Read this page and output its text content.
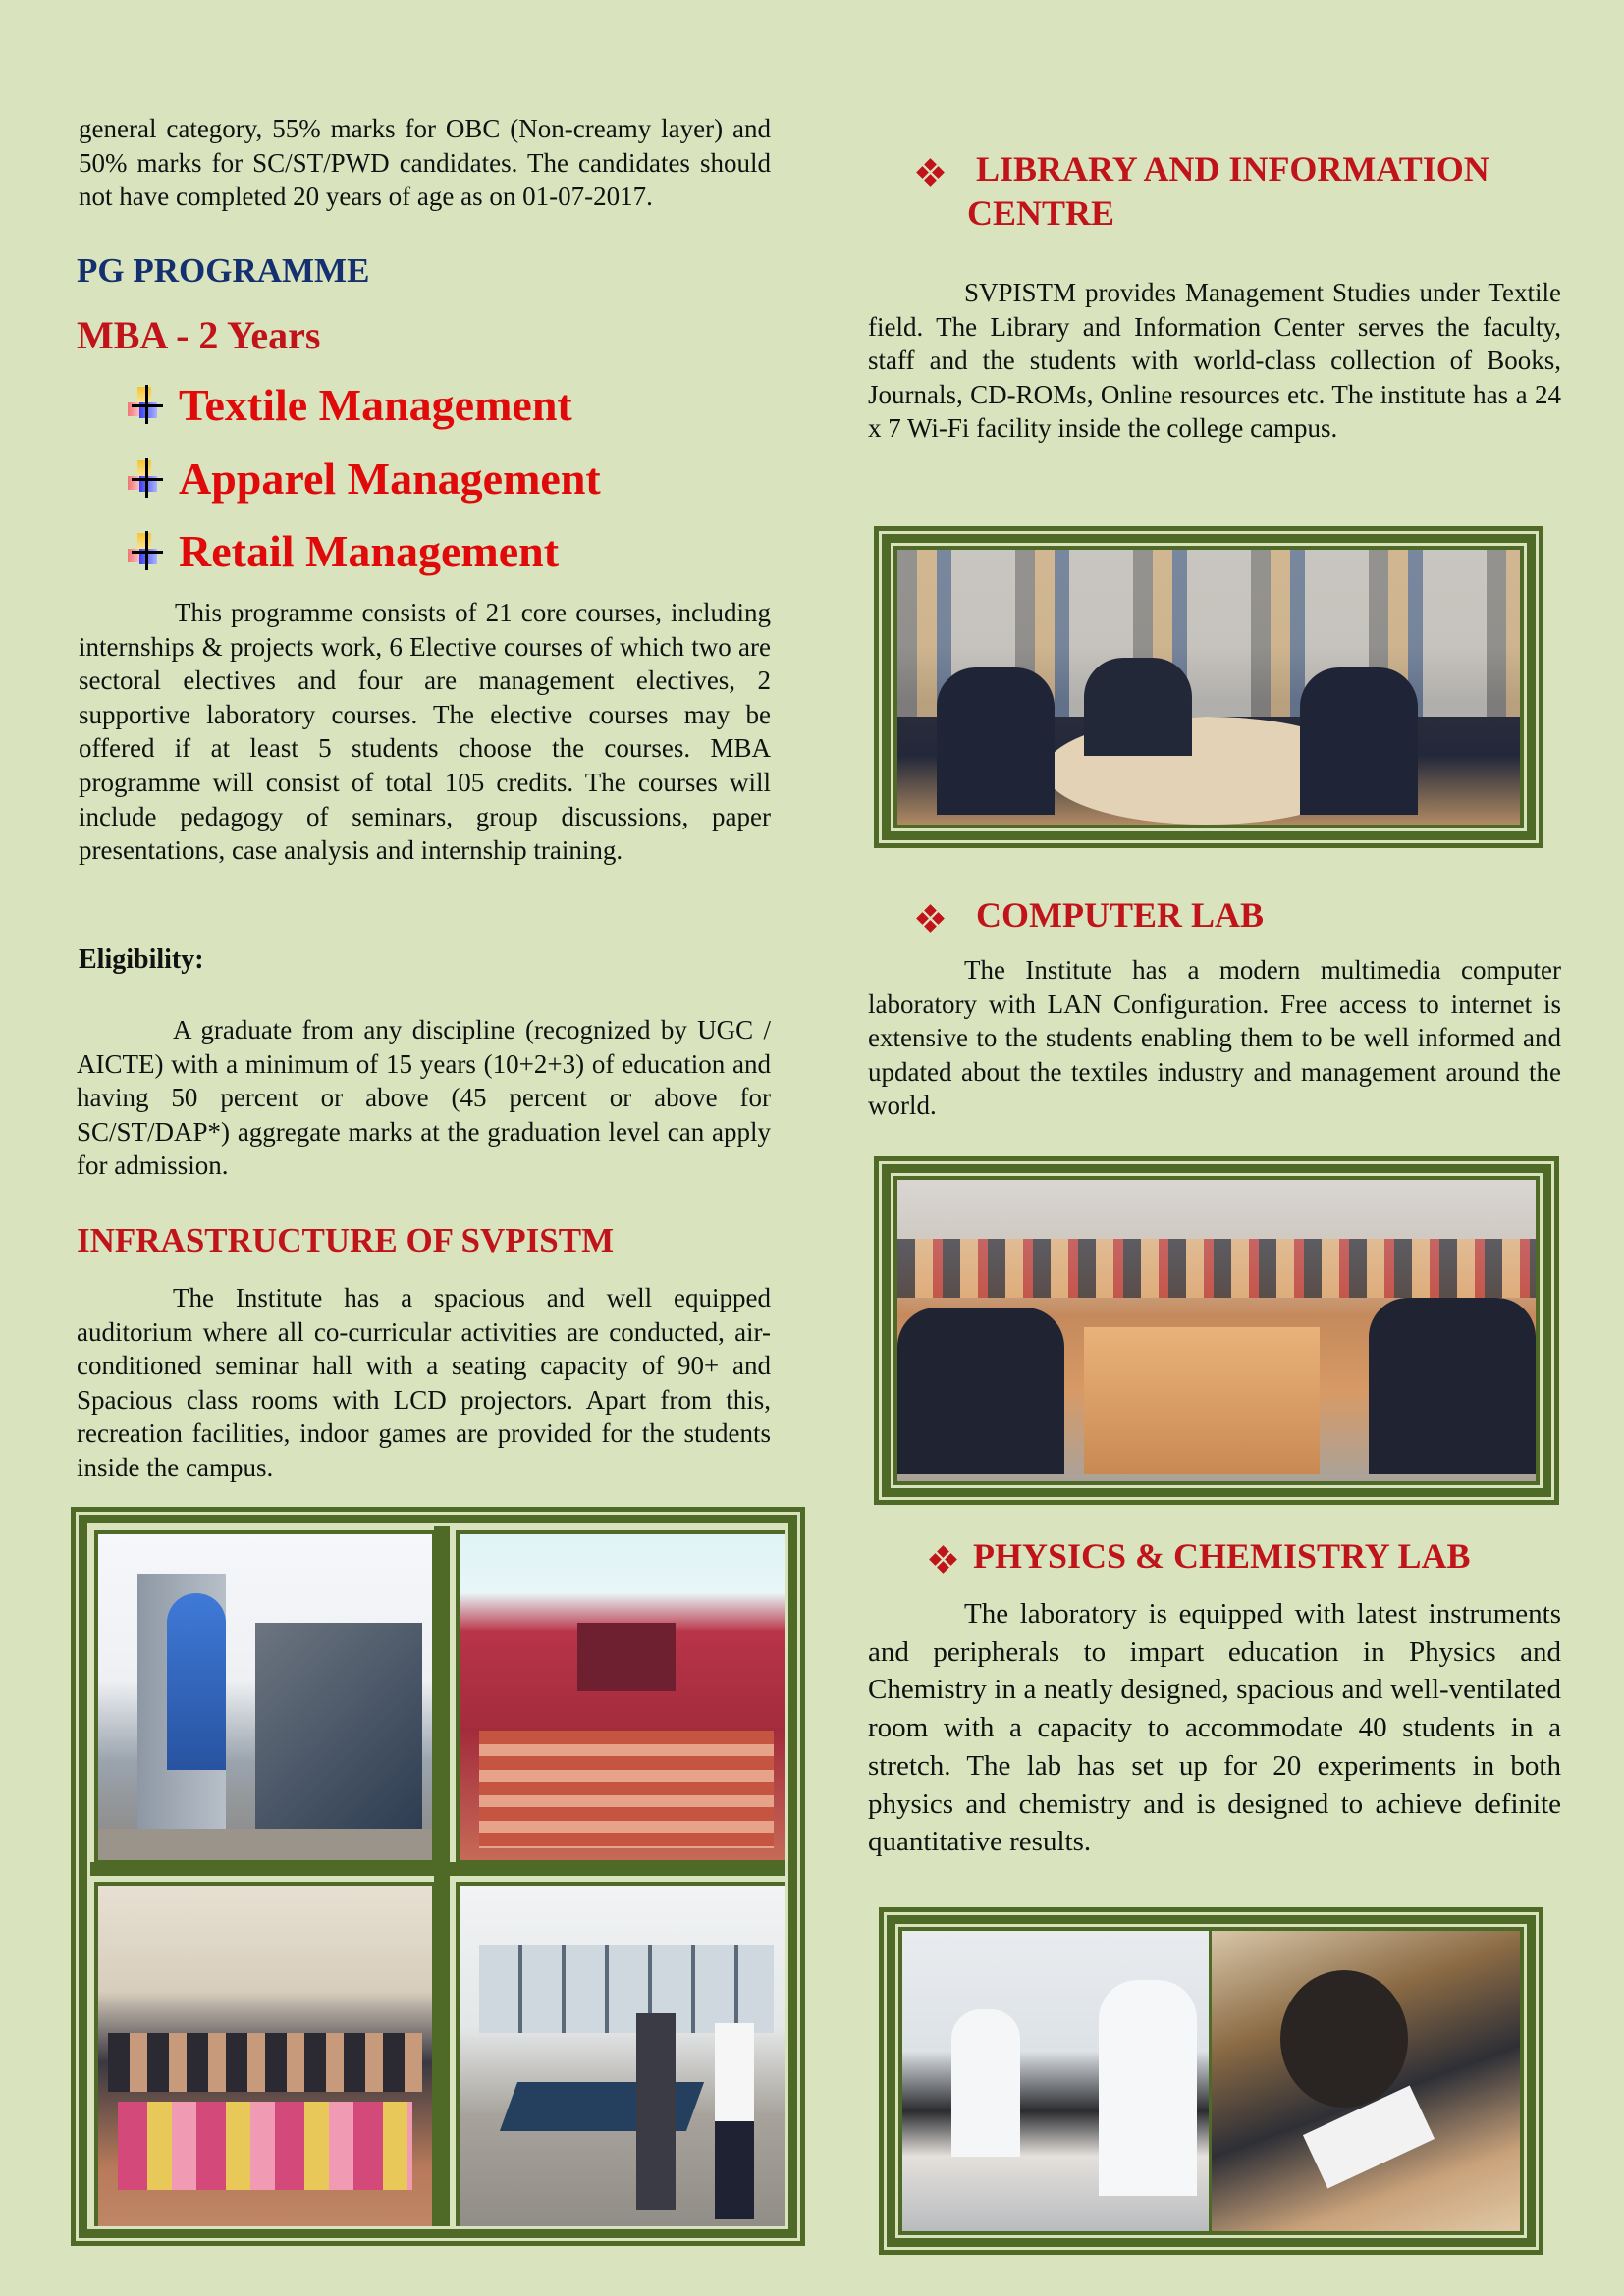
general category, 55% marks for OBC (Non-creamy layer) and 50% marks for SC/ST/PWD candidates. The candidates should not have completed 20 years of age as on 01-07-2017.

PG PROGRAMME
MBA - 2 Years
Textile Management
Apparel Management
Retail Management

This programme consists of 21 core courses, including internships & projects work, 6 Elective courses of which two are sectoral electives and four are management electives, 2 supportive laboratory courses. The elective courses may be offered if at least 5 students choose the courses. MBA programme will consist of total 105 credits. The courses will include pedagogy of seminars, group discussions, paper presentations, case analysis and internship training.

Eligibility:

A graduate from any discipline (recognized by UGC / AICTE) with a minimum of 15 years (10+2+3) of education and having 50 percent or above (45 percent or above for SC/ST/DAP*) aggregate marks at the graduation level can apply for admission.

INFRASTRUCTURE OF SVPISTM

The Institute has a spacious and well equipped auditorium where all co-curricular activities are conducted, air-conditioned seminar hall with a seating capacity of 90+ and Spacious class rooms with LCD projectors. Apart from this, recreation facilities, indoor games are provided for the students inside the campus.

LIBRARY AND INFORMATION
CENTRE

SVPISTM provides Management Studies under Textile field. The Library and Information Center serves the faculty, staff and the students with world-class collection of Books, Journals, CD-ROMs, Online resources etc. The institute has a 24 x 7 Wi-Fi facility inside the college campus.

COMPUTER LAB

The Institute has a modern multimedia computer laboratory with LAN Configuration. Free access to internet is extensive to the students enabling them to be well informed and updated about the textiles industry and management around the world.

PHYSICS & CHEMISTRY LAB

The laboratory is equipped with latest instruments and peripherals to impart education in Physics and Chemistry in a neatly designed, spacious and well-ventilated room with a capacity to accommodate 40 students in a stretch. The lab has set up for 20 experiments in both physics and chemistry and is designed to achieve definite quantitative results.
